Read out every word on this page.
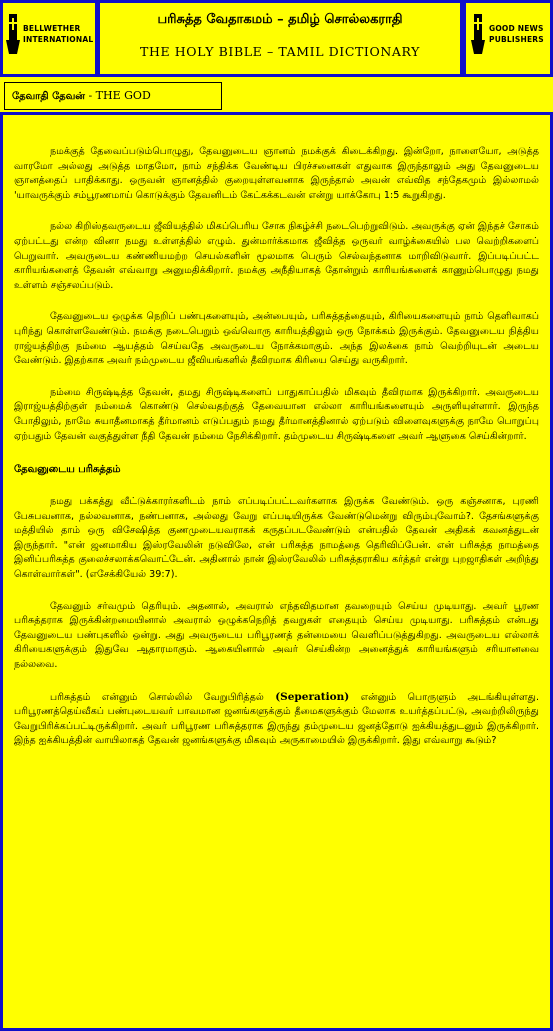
BELLWETHER
INTERNATIONAL
பரிசுத்த வேதாகமம் – தமிழ் சொல்லகராதி
THE HOLY BIBLE – TAMIL DICTIONARY
GOOD NEWS
PUBLISHERS
தேவாதி தேவன் - THE GOD

நமக்குத் தேவைப்படும்பொழுது, தேவனுடைய ஞானம் நமக்குக் கிடைக்கிறது. இன்றோ, நாளையோ, அடுத்த வாரமோ அல்லது அடுத்த மாதமோ, நாம் சந்திக்க வேண்டிய பிரச்சனைகள் எதுவாக இருந்தாலும் அது தேவனுடைய ஞானத்தைப் பாதிக்காது. ஒருவன் ஞானத்தில் குறையுள்ளவனாக இருந்தால் அவன் எவ்வித சந்தேகமும் இல்லாமல் 'யாவருக்கும் சம்பூரணமாய் கொடுக்கும் தேவனிடம் கேட்கக்கடவன் என்று யாக்கோபு 1:5 கூறுகிறது.

நல்ல கிறிஸ்தவருடைய ஜீவியத்தில் மிகப்பெரிய சோக நிகழ்ச்சி நடைபெற்றுவிடும். அவருக்கு ஏன் இந்தச் சோகம் ஏற்பட்டது என்ற வினா நமது உள்ளத்தில் எழும். துன்மார்க்கமாக ஜீவித்த ஒருவர் வாழ்க்கையில் பல வெற்றிகளைப் பெறுவார். அவருடைய கண்ணியமற்ற செயல்களின் மூலமாக பெரும் செல்வந்தனாக மாறிவிடுவார். இப்படிப்பட்ட காரியங்களைத் தேவன் எவ்வாறு அனுமதிக்கிறார். நமக்கு அநீதியாகத் தோன்றும் காரியங்களைக் காணும்பொழுது நமது உள்ளம் சஞ்சலப்படும்.

தேவனுடைய ஒழுக்க நெறிப் பண்புகளையும், அன்பையும், பரிசுத்தத்தையும், கிரியைகளையும் நாம் தெளிவாகப் புரிந்து கொள்ளவேண்டும். நமக்கு நடைபெறும் ஒவ்வொரு காரியத்திலும் ஒரு நோக்கம் இருக்கும். தேவனுடைய நித்திய ராஜ்யத்திற்கு நம்மை ஆயத்தம் செய்வதே அவருடைய நோக்கமாகும். அந்த இலக்கை நாம் வெற்றியுடன் அடைய வேண்டும். இதற்காக அவர் நம்முடைய ஜீவியங்களில் தீவிரமாக கிரியை செய்து வருகிறார்.

நம்மை சிருஷ்டித்த தேவன், தமது சிருஷ்டிகளைப் பாதுகாப்பதில் மிகவும் தீவிரமாக இருக்கிறார். அவருடைய இராஜ்யத்திற்குள் நம்மைக் கொண்டு செல்வதற்குத் தேவையான எல்லா காரியங்களையும் அருளியுள்ளார். இருந்த போதிலும், நாமே சுயாதீனமாகத் தீர்மானம் எடுப்பதும் நமது தீர்மானத்தினால் ஏற்படும் விளைவுகளுக்கு நாமே பொறுப்பு ஏற்பதும் தேவன் வகுத்துள்ள நீதி தேவன் நம்மை நேசிக்கிறார். தம்முடைய சிருஷ்டிகளை அவர் ஆளுகை செய்கின்றார்.

தேவனுடைய பரிசுத்தம்

நமது பக்கத்து வீட்டுக்காரர்களிடம் நாம் எப்படிப்பட்டவர்களாக இருக்க வேண்டும். ஒரு கஞ்சனாக, புரணி பேசுபவனாக, நல்லவனாக, நண்பனாக, அல்லது வேறு எப்படியிருக்க வேண்டுமென்று விரும்புவோம்?. தேசங்களுக்கு மத்தியில் தாம் ஒரு விசேஷித்த குணமுடையவராகக் கருதப்படவேண்டும் என்பதில் தேவன் அதிகக் கவனத்துடன் இருந்தார். "என் ஜனமாகிய இஸ்ரவேலின் நடுவிலே, என் பரிசுத்த நாமத்தை தெரிவிப்பேன். என் பரிசுத்த நாமத்தை இனிப்பரிசுத்த குலைச்சலாக்கவொட்டேன். அதினால் நான் இஸ்ரவேலில் பரிசுத்தராகிய கர்த்தர் என்று புறஜாதிகள் அறிந்து கொள்வார்கள்". (எசேக்கியேல் 39:7).

தேவனும் சர்வமும் தெரியும். அதனால், அவரால் எந்தவிதமான தவறையும் செய்ய முடியாது. அவர் பூரண பரிசுத்தராக இருக்கின்றமையினால் அவரால் ஒழுக்கநெறித் தவறுகள் எதையும் செய்ய முடியாது. பரிசுத்தம் என்பது தேவனுடைய பண்புகளில் ஒன்று. அது அவருடைய பரிபூரணத் தன்மையை வெளிப்படுத்துகிறது. அவருடைய எல்லாக் கிரியைகளுக்கும் இதுவே ஆதாரமாகும். ஆகையினால் அவர் செய்கின்ற அனைத்துக் காரியங்களும் சரியானவை நல்லவை.

பரிசுத்தம் என்னும் சொல்லில் வேறுபிரித்தல் (Seperation) என்னும் பொருளும் அடங்கியுள்ளது. பரிபூரணத்தெய்வீகப் பண்புடையவர் பாவமான ஜனங்களுக்கும் தீமைகளுக்கும் மேலாக உயர்த்தப்பட்டு, அவற்றிலிருந்து வேறுபிரிக்கப்பட்டிருக்கிறார். அவர் பரிபூரண பரிசுத்தராக இருந்து தம்முடைய ஜனத்தோடு ஐக்கியத்துடனும் இருக்கிறார். இந்த ஐக்கியத்தின் வாயிலாகத் தேவன் ஜனங்களுக்கு மிகவும் அருகாமையில் இருக்கிறார். இது எவ்வாறு கூடும்?
